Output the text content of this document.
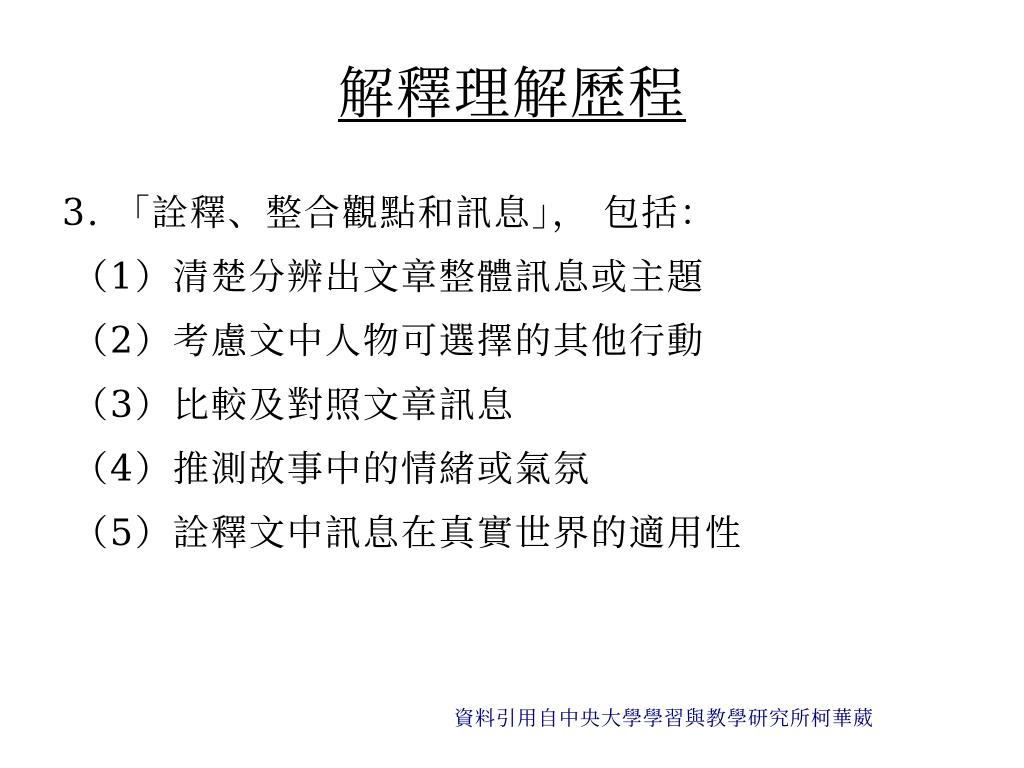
解釋理解歷程
3. 「詮釋、整合觀點和訊息」， 包括：
（1）清楚分辨出文章整體訊息或主題
（2）考慮文中人物可選擇的其他行動
（3）比較及對照文章訊息
（4）推測故事中的情緒或氣氛
（5）詮釋文中訊息在真實世界的適用性
資料引用自中央大學學習與教學研究所柯華葳
